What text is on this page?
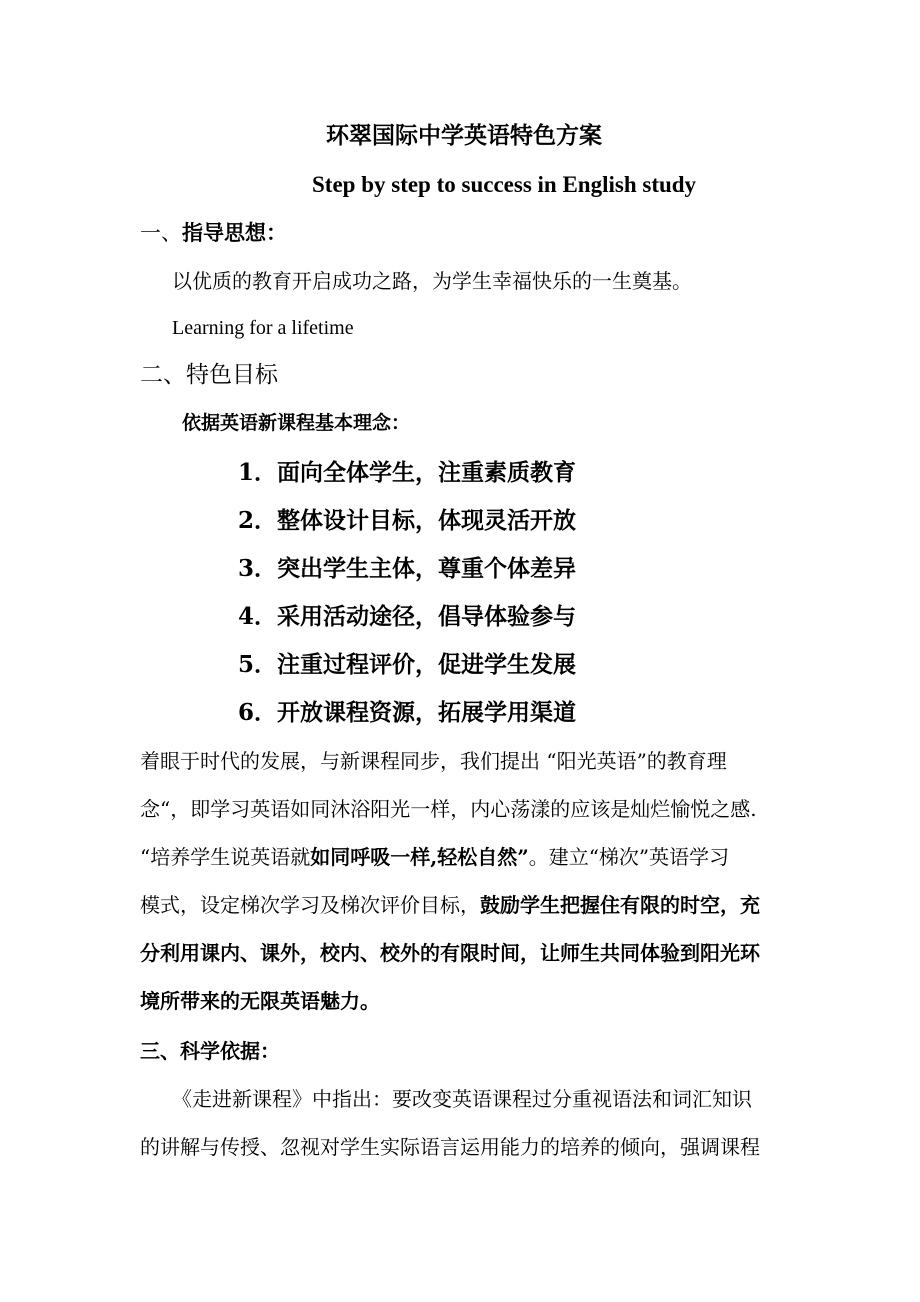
环翠国际中学英语特色方案
Step by step to success in English study
一、指导思想：
以优质的教育开启成功之路，为学生幸福快乐的一生奠基。
Learning for a lifetime
二、特色目标
依据英语新课程基本理念：
1．面向全体学生，注重素质教育
2．整体设计目标，体现灵活开放
3．突出学生主体，尊重个体差异
4．采用活动途径，倡导体验参与
5．注重过程评价，促进学生发展
6．开放课程资源，拓展学用渠道
着眼于时代的发展，与新课程同步，我们提出 “阳光英语”的教育理
念“，即学习英语如同沐浴阳光一样，内心荡漾的应该是灿烂愉悦之感.
“培养学生说英语就如同呼吸一样,轻松自然”。建立“梯次”英语学习
模式，设定梯次学习及梯次评价目标，鼓励学生把握住有限的时空，充
分利用课内、课外，校内、校外的有限时间，让师生共同体验到阳光环
境所带来的无限英语魅力。
三、科学依据：
《走进新课程》中指出：要改变英语课程过分重视语法和词汇知识
的讲解与传授、忽视对学生实际语言运用能力的培养的倾向，强调课程
